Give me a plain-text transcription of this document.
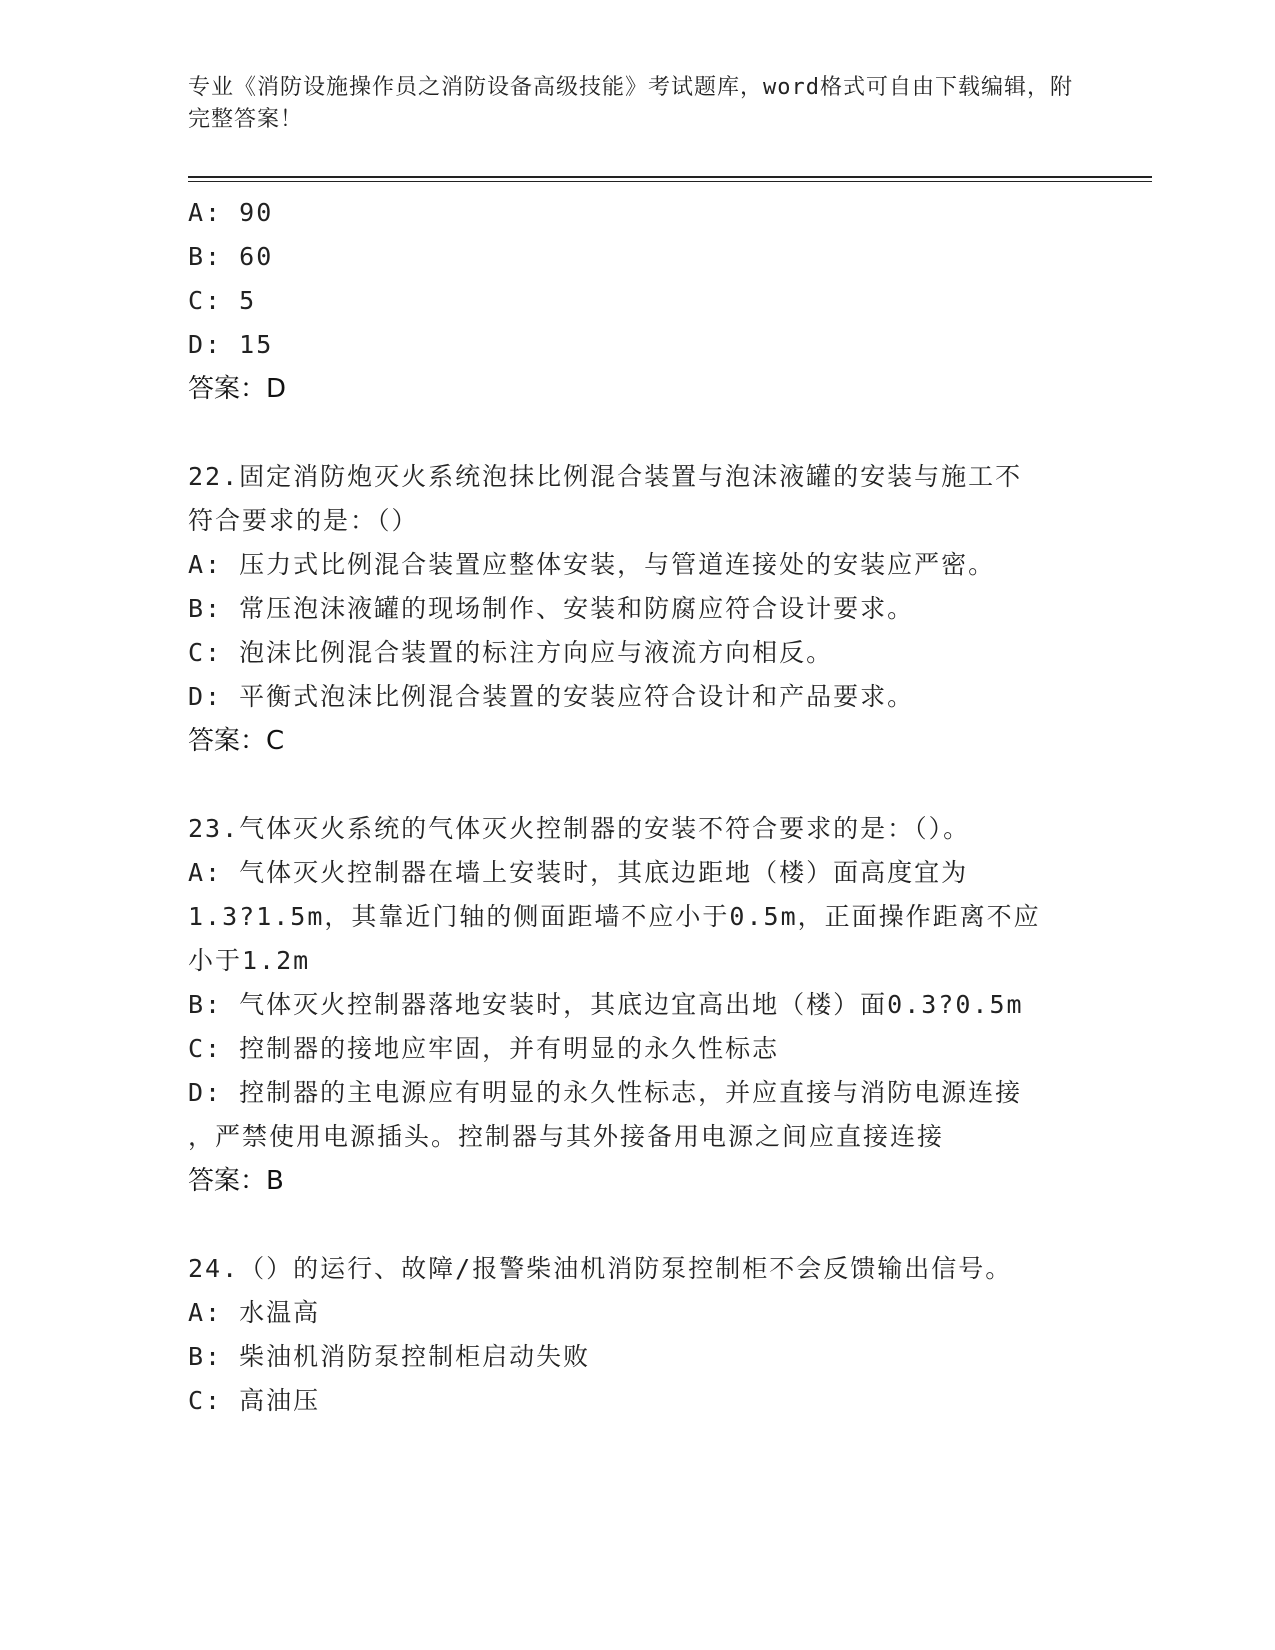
专业《消防设施操作员之消防设备高级技能》考试题库，word格式可自由下载编辑，附完整答案！
A: 90
B: 60
C: 5
D: 15
答案：D
22.固定消防炮灭火系统泡抹比例混合装置与泡沫液罐的安装与施工不
符合要求的是：（）
A: 压力式比例混合装置应整体安装，与管道连接处的安装应严密。
B: 常压泡沫液罐的现场制作、安装和防腐应符合设计要求。
C: 泡沫比例混合装置的标注方向应与液流方向相反。
D: 平衡式泡沫比例混合装置的安装应符合设计和产品要求。
答案：C
23.气体灭火系统的气体灭火控制器的安装不符合要求的是：（）。
A: 气体灭火控制器在墙上安装时，其底边距地（楼）面高度宜为
1.3?1.5m，其靠近门轴的侧面距墙不应小于0.5m，正面操作距离不应
小于1.2m
B: 气体灭火控制器落地安装时，其底边宜高出地（楼）面0.3?0.5m
C: 控制器的接地应牢固，并有明显的永久性标志
D: 控制器的主电源应有明显的永久性标志，并应直接与消防电源连接
，严禁使用电源插头。控制器与其外接备用电源之间应直接连接
答案：B
24.（）的运行、故障/报警柴油机消防泵控制柜不会反馈输出信号。
A: 水温高
B: 柴油机消防泵控制柜启动失败
C: 高油压
